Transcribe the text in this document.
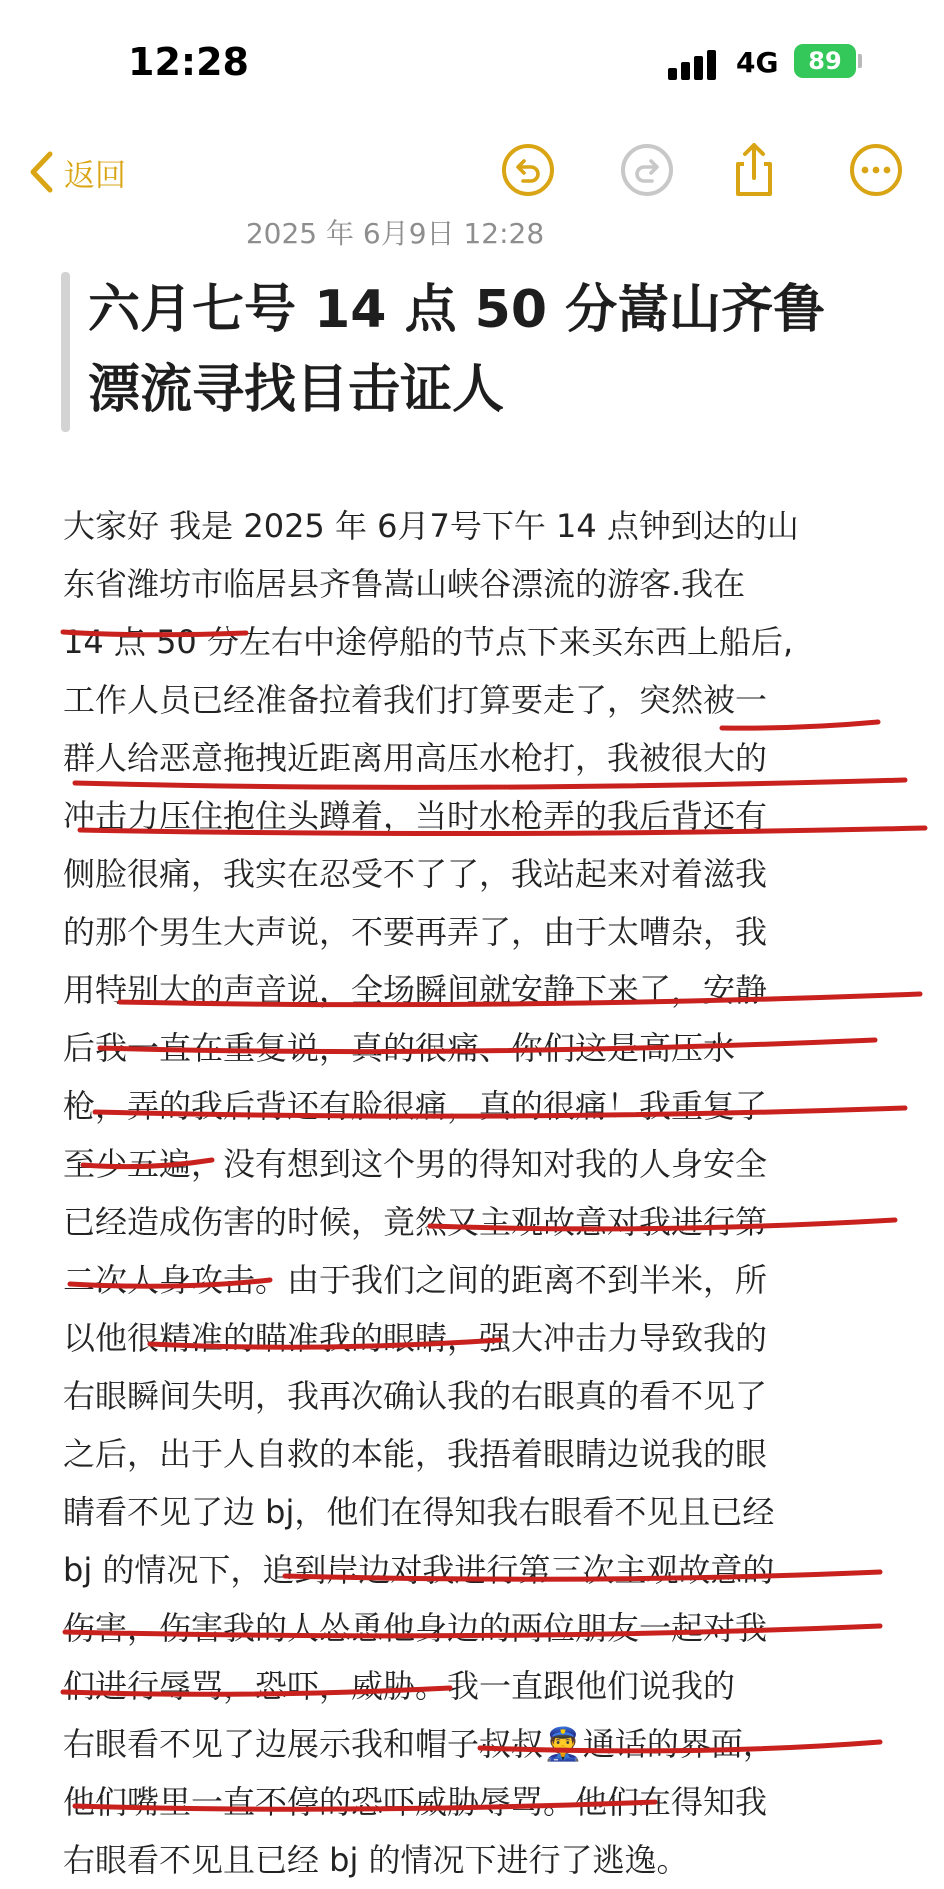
12:28	4G	89
返回
2025 年 6月9日 12:28
六月七号 14 点 50 分嵩山齐鲁
漂流寻找目击证人
大家好 我是 2025 年 6月7号下午 14 点钟到达的山
东省潍坊市临居县齐鲁嵩山峡谷漂流的游客.我在
14 点 50 分左右中途停船的节点下来买东西上船后,
工作人员已经准备拉着我们打算要走了，突然被一
群人给恶意拖拽近距离用高压水枪打，我被很大的
冲击力压住抱住头蹲着，当时水枪弄的我后背还有
侧脸很痛，我实在忍受不了了，我站起来对着滋我
的那个男生大声说，不要再弄了，由于太嘈杂，我
用特别大的声音说，全场瞬间就安静下来了，安静
后我一直在重复说，真的很痛、你们这是高压水
枪，弄的我后背还有脸很痛，真的很痛！我重复了
至少五遍，没有想到这个男的得知对我的人身安全
已经造成伤害的时候，竟然又主观故意对我进行第
二次人身攻击。由于我们之间的距离不到半米，所
以他很精准的瞄准我的眼睛，强大冲击力导致我的
右眼瞬间失明，我再次确认我的右眼真的看不见了
之后，出于人自救的本能，我捂着眼睛边说我的眼
睛看不见了边 bj，他们在得知我右眼看不见且已经
bj 的情况下，追到岸边对我进行第三次主观故意的
伤害，伤害我的人怂恿他身边的两位朋友一起对我
们进行辱骂，恐吓，威胁。我一直跟他们说我的
右眼看不见了边展示我和帽子叔叔👮通话的界面，
他们嘴里一直不停的恐吓威胁辱骂。他们在得知我
右眼看不见且已经 bj 的情况下进行了逃逸。
